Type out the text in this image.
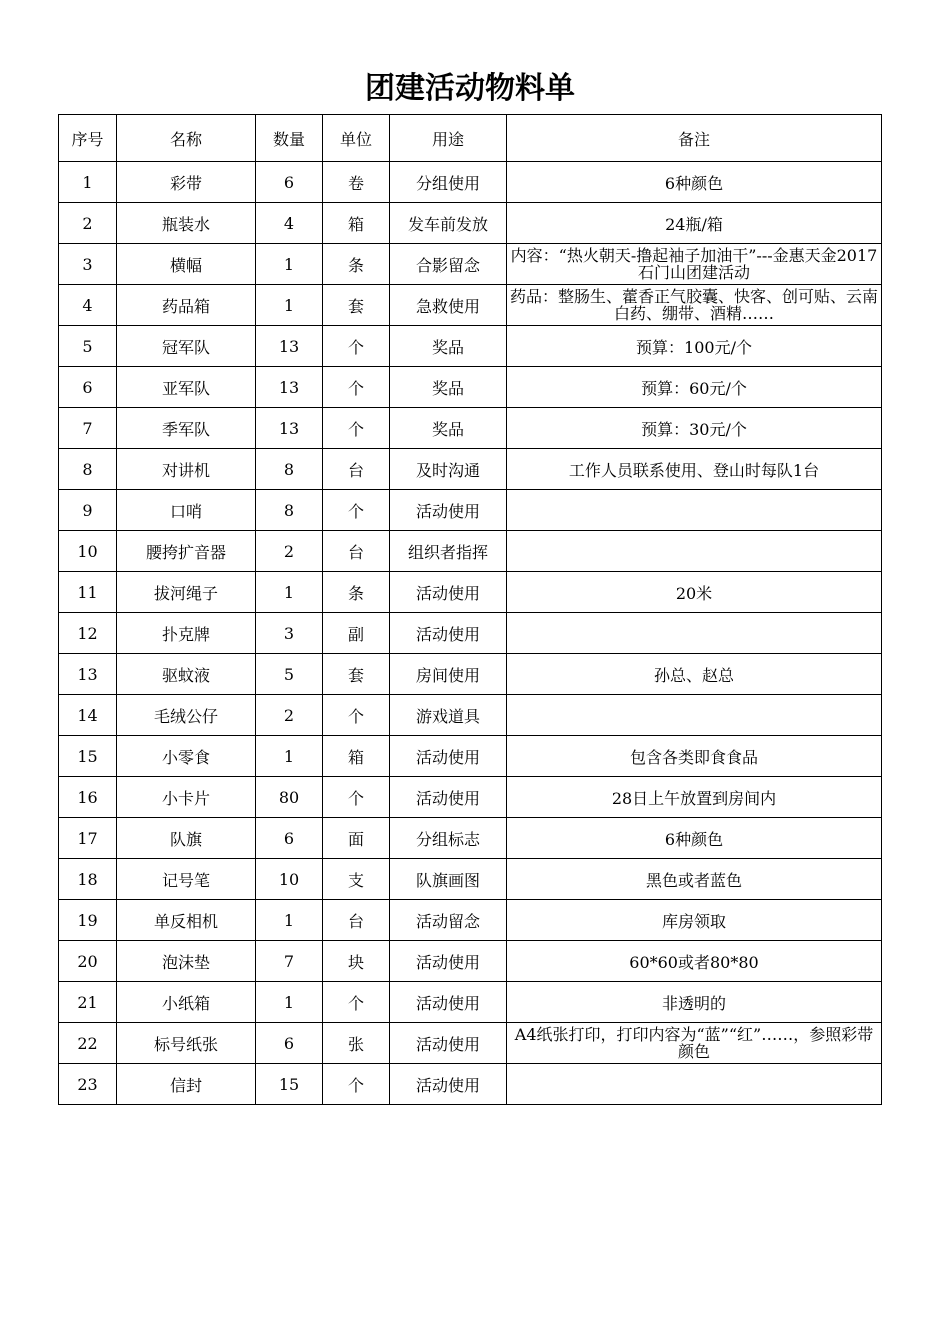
团建活动物料单
序号	名称	数量	单位	用途	备注
1	彩带	6	卷	分组使用	6种颜色
2	瓶装水	4	箱	发车前发放	24瓶/箱
3	横幅	1	条	合影留念	内容：“热火朝天-撸起袖子加油干”---金惠天金2017石门山团建活动
4	药品箱	1	套	急救使用	药品：整肠生、藿香正气胶囊、快客、创可贴、云南白药、绷带、酒精……
5	冠军队	13	个	奖品	预算：100元/个
6	亚军队	13	个	奖品	预算：60元/个
7	季军队	13	个	奖品	预算：30元/个
8	对讲机	8	台	及时沟通	工作人员联系使用、登山时每队1台
9	口哨	8	个	活动使用	
10	腰挎扩音器	2	台	组织者指挥	
11	拔河绳子	1	条	活动使用	20米
12	扑克牌	3	副	活动使用	
13	驱蚊液	5	套	房间使用	孙总、赵总
14	毛绒公仔	2	个	游戏道具	
15	小零食	1	箱	活动使用	包含各类即食食品
16	小卡片	80	个	活动使用	28日上午放置到房间内
17	队旗	6	面	分组标志	6种颜色
18	记号笔	10	支	队旗画图	黑色或者蓝色
19	单反相机	1	台	活动留念	库房领取
20	泡沫垫	7	块	活动使用	60*60或者80*80
21	小纸箱	1	个	活动使用	非透明的
22	标号纸张	6	张	活动使用	A4纸张打印，打印内容为“蓝”“红”……，参照彩带颜色
23	信封	15	个	活动使用	
